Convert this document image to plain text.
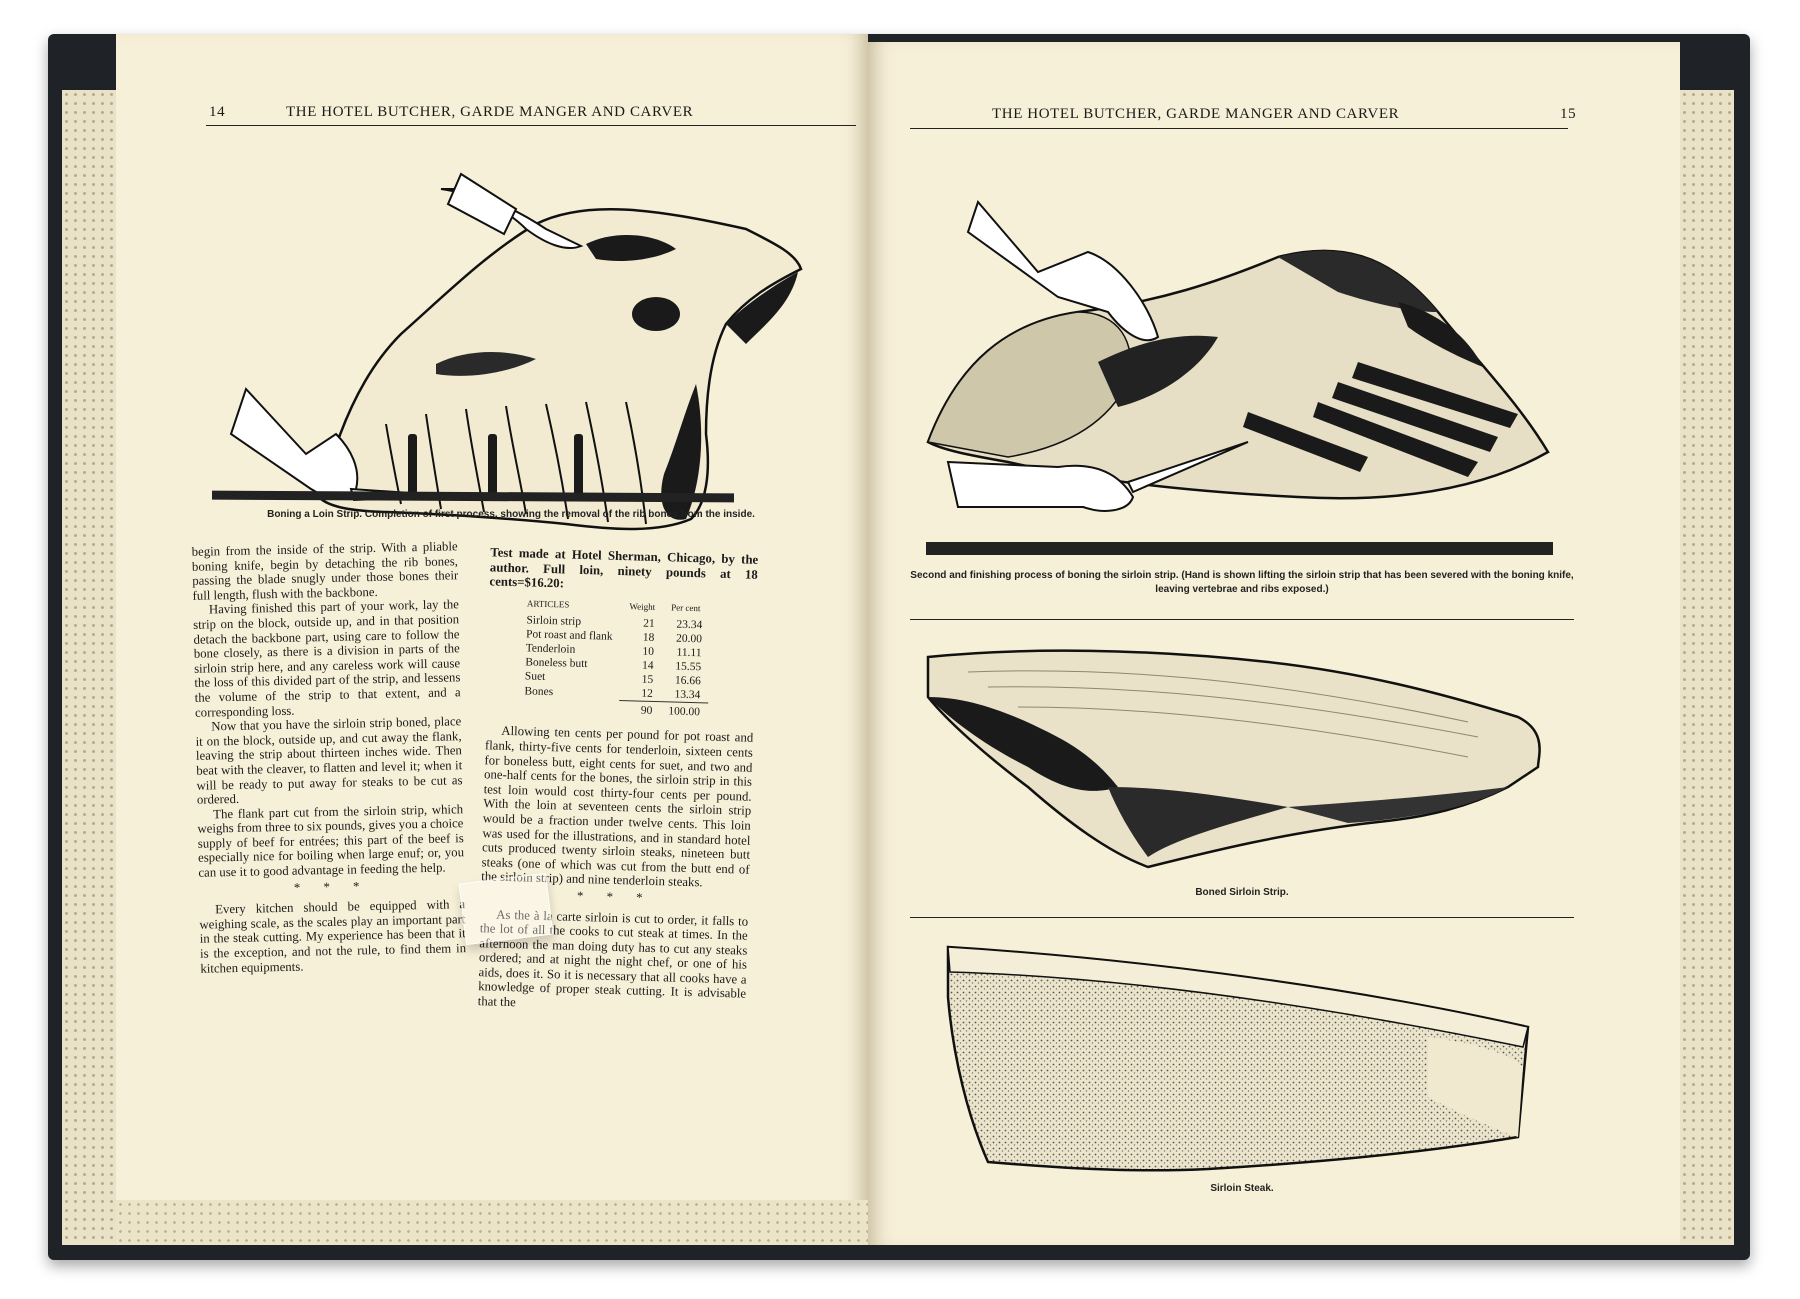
14	THE HOTEL BUTCHER, GARDE MANGER AND CARVER
Boning a Loin Strip. Completion of first process, showing the removal of the rib bones from the inside.

begin from the inside of the strip. With a pliable boning knife, begin by detaching the rib bones, passing the blade snugly under those bones their full length, flush with the backbone.

Having finished this part of your work, lay the strip on the block, outside up, and in that position detach the backbone part, using care to follow the bone closely, as there is a division in parts of the sirloin strip here, and any careless work will cause the loss of this divided part of the strip, and lessens the volume of the strip to that extent, and a corresponding loss.

Now that you have the sirloin strip boned, place it on the block, outside up, and cut away the flank, leaving the strip about thirteen inches wide. Then beat with the cleaver, to flatten and level it; when it will be ready to put away for steaks to be cut as ordered.

The flank part cut from the sirloin strip, which weighs from three to six pounds, gives you a choice supply of beef for entrées; this part of the beef is especially nice for boiling when large enuf; or, you can use it to good advantage in feeding the help.

* * *

Every kitchen should be equipped with a weighing scale, as the scales play an important part in the steak cutting. My experience has been that it is the exception, and not the rule, to find them in kitchen equipments.

Test made at Hotel Sherman, Chicago, by the author. Full loin, ninety pounds at 18 cents=$16.20:

ARTICLES	Weight	Per cent
Sirloin strip	21	23.34
Pot roast and flank	18	20.00
Tenderloin	10	11.11
Boneless butt	14	15.55
Suet	15	16.66
Bones	12	13.34
	90	100.00

Allowing ten cents per pound for pot roast and flank, thirty-five cents for tenderloin, sixteen cents for boneless butt, eight cents for suet, and two and one-half cents for the bones, the sirloin strip in this test loin would cost thirty-four cents per pound. With the loin at seventeen cents the sirloin strip would be a fraction under twelve cents. This loin was used for the illustrations, and in standard hotel cuts produced twenty sirloin steaks, nineteen butt steaks (one of which was cut from the butt end of the sirloin strip) and nine tenderloin steaks.

* * *

As the à la carte sirloin is cut to order, it falls to the lot of all the cooks to cut steak at times. In the afternoon the man doing duty has to cut any steaks ordered; and at night the night chef, or one of his aids, does it. So it is necessary that all cooks have a knowledge of proper steak cutting. It is advisable that the

THE HOTEL BUTCHER, GARDE MANGER AND CARVER	15
Second and finishing process of boning the sirloin strip. (Hand is shown lifting the sirloin strip that has been severed with the boning knife, leaving vertebrae and ribs exposed.)
Boned Sirloin Strip.
Sirloin Steak.
